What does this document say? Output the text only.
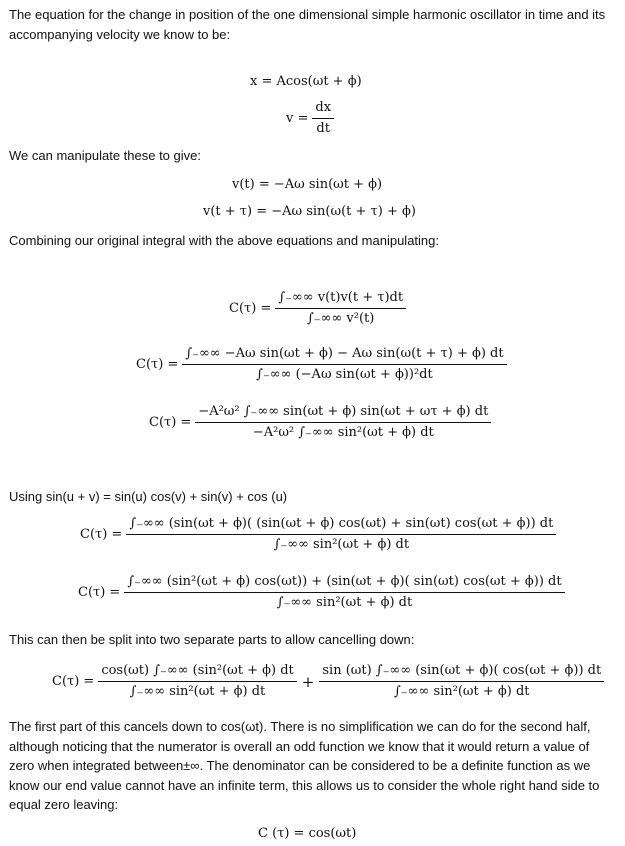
The equation for the change in position of the one dimensional simple harmonic oscillator in time and its accompanying velocity we know to be:
x = Acos(ωt + ϕ)
$v = \frac{dx}{dt}$
We can manipulate these to give:
v(t) = −Aω sin(ωt + ϕ)
v(t + τ) = −Aω sin(ω(t + τ) + ϕ)
Combining our original integral with the above equations and manipulating:
$C(\tau) = \frac{\int_-\infty\infty v(t)v(t + \tau)dt}{\text{∫₋∞∞ v²(t)}}$
$C(\tau) = \frac{\text{∫₋∞∞ −Aω sin(ωt + ϕ) − Aω sin(ω(t + τ) + ϕ) dt}}{\text{∫₋∞∞ (−Aω sin(ωt + ϕ))²dt}}$
$C(\tau) = \frac{\text{−A²ω² ∫₋∞∞ sin(ωt + ϕ) sin(ωt + ωτ + ϕ) dt}}{\text{−A²ω² ∫₋∞∞ sin²(ωt + ϕ) dt}}$
Using sin(u + v) = sin(u) cos(v) + sin(v) + cos (u)
C(τ) =
∫₋∞∞ (sin(ωt + ϕ)( (sin(ωt + ϕ) cos(ωt) + sin(ωt) cos(ωt + ϕ)) dt
∫₋∞∞ sin²(ωt + ϕ) dt
C(τ) =
∫₋∞∞ (sin²(ωt + ϕ) cos(ωt)) + (sin(ωt + ϕ)( sin(ωt) cos(ωt + ϕ)) dt
∫₋∞∞ sin²(ωt + ϕ) dt
This can then be split into two separate parts to allow cancelling down:
$C(\tau) = \frac{\text{cos(ωt) ∫₋∞∞ (sin²(ωt + ϕ) dt}}{\text{∫₋∞∞ sin²(ωt + ϕ) dt}} + \frac{\sin (\omega t) \int_-\infty\infty (\sin(\omega t + \phi)( \cos(\omega t + \phi)) dt}{\text{∫₋∞∞ sin²(ωt + ϕ) dt}}$
The first part of this cancels down to cos(ωt). There is no simplification we can do for the second half, although noticing that the numerator is overall an odd function we know that it would return a value of zero when integrated between±∞. The denominator can be considered to be a definite function as we know our end value cannot have an infinite term, this allows us to consider the whole right hand side to equal zero leaving:
C (τ) = cos(ωt)
